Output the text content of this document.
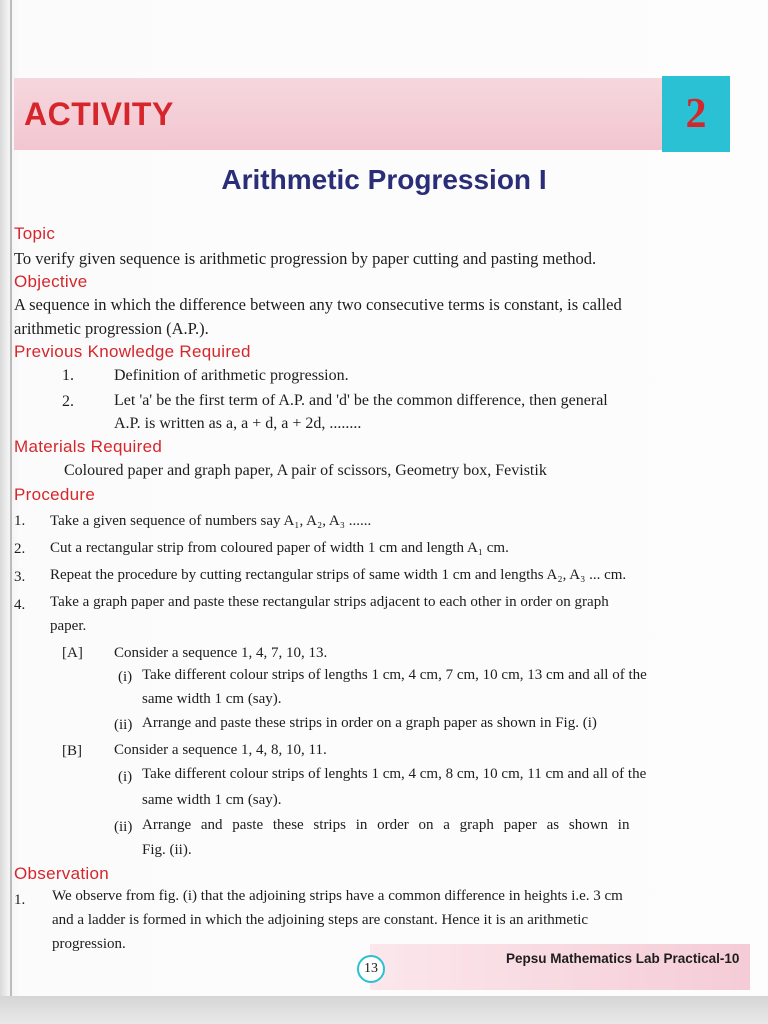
ACTIVITY	2
Arithmetic Progression I
Topic
To verify given sequence is arithmetic progression by paper cutting and pasting method.
Objective
A sequence in which the difference between any two consecutive terms is constant, is called
arithmetic progression (A.P.).
Previous Knowledge Required
1.	Definition of arithmetic progression.
2.	Let 'a' be the first term of A.P. and 'd' be the common difference, then general
A.P. is written as a, a + d, a + 2d, ........
Materials Required
Coloured paper and graph paper, A pair of scissors, Geometry box, Fevistik
Procedure
1. Take a given sequence of numbers say A₁, A₂, A₃ ......
2. Cut a rectangular strip from coloured paper of width 1 cm and length A₁ cm.
3. Repeat the procedure by cutting rectangular strips of same width 1 cm and lengths A₂, A₃ ... cm.
4. Take a graph paper and paste these rectangular strips adjacent to each other in order on graph
paper.
[A] Consider a sequence 1, 4, 7, 10, 13.
(i) Take different colour strips of lengths 1 cm, 4 cm, 7 cm, 10 cm, 13 cm and all of the
same width 1 cm (say).
(ii) Arrange and paste these strips in order on a graph paper as shown in Fig. (i)
[B] Consider a sequence 1, 4, 8, 10, 11.
(i) Take different colour strips of lenghts 1 cm, 4 cm, 8 cm, 10 cm, 11 cm and all of the
same width 1 cm (say).
(ii) Arrange and paste these strips in order on a graph paper as shown in
Fig. (ii).
Observation
1. We observe from fig. (i) that the adjoining strips have a common difference in heights i.e. 3 cm
and a ladder is formed in which the adjoining steps are constant. Hence it is an arithmetic
progression.
13
Pepsu Mathematics Lab Practical-10
